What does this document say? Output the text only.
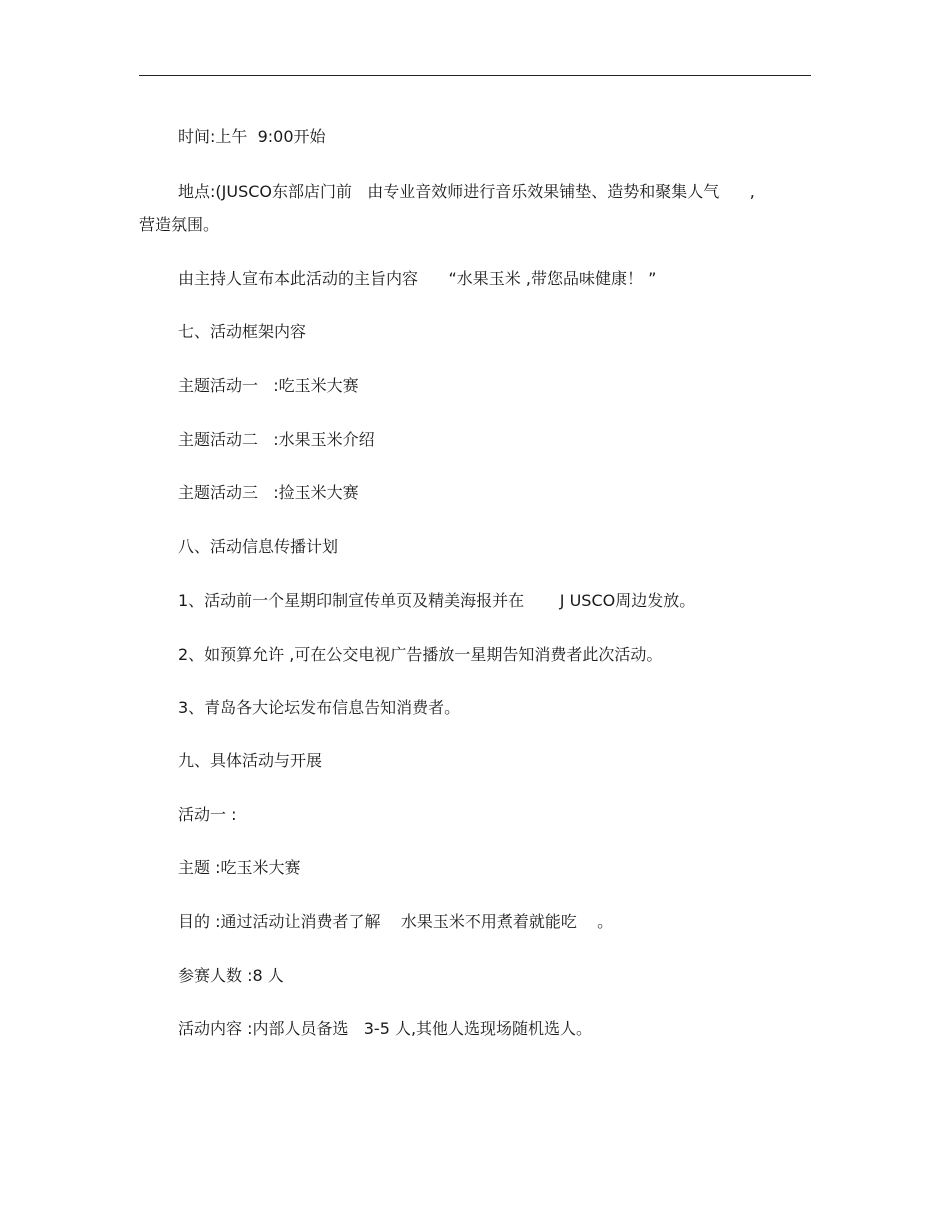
时间:上午  9:00开始
地点:(JUSCO东部店门前   由专业音效师进行音乐效果铺垫、造势和聚集人气      ,
营造氛围。
由主持人宣布本此活动的主旨内容      “水果玉米 ,带您品味健康！ ”
七、活动框架内容
主题活动一   :吃玉米大赛
主题活动二   :水果玉米介绍
主题活动三   :捡玉米大赛
八、活动信息传播计划
1、活动前一个星期印制宣传单页及精美海报并在       J USCO周边发放。
2、如预算允许 ,可在公交电视广告播放一星期告知消费者此次活动。
3、青岛各大论坛发布信息告知消费者。
九、具体活动与开展
活动一 :
主题 :吃玉米大赛
目的 :通过活动让消费者了解    水果玉米不用煮着就能吃    。
参赛人数 :8 人
活动内容 :内部人员备选   3-5 人,其他人选现场随机选人。
